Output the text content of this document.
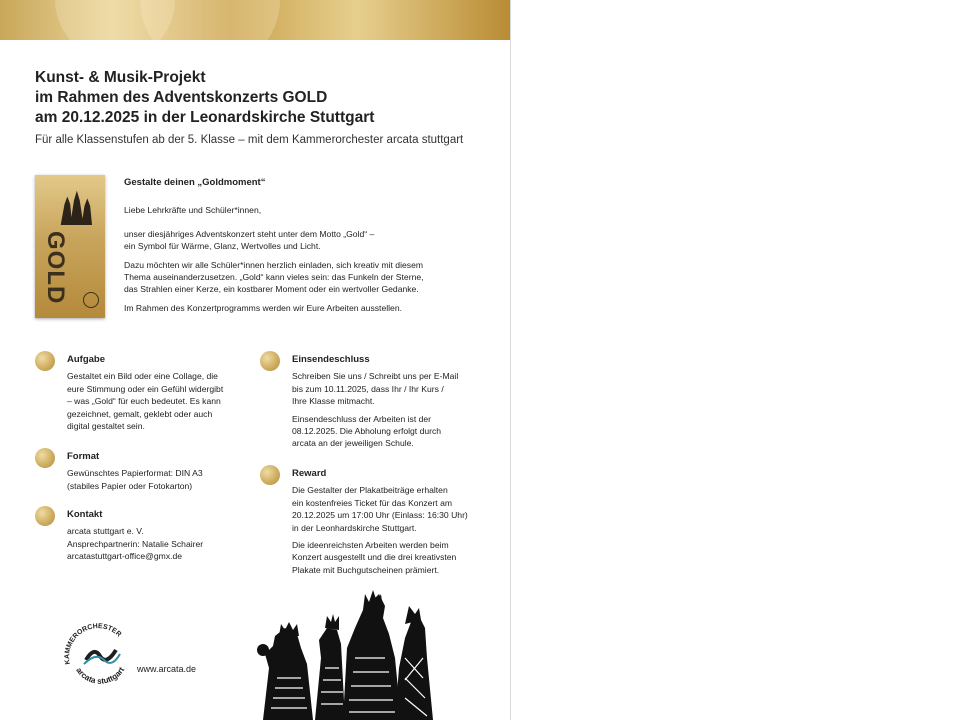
Kunst- & Musik-Projekt
im Rahmen des Adventskonzerts GOLD
am 20.12.2025 in der Leonardskirche Stuttgart
Für alle Klassenstufen ab der 5. Klasse – mit dem Kammerorchester arcata stuttgart
GOLD
Gestalte deinen „Goldmoment“

Liebe Lehrkräfte und Schüler*innen,

unser diesjähriges Adventskonzert steht unter dem Motto „Gold“ –
ein Symbol für Wärme, Glanz, Wertvolles und Licht.

Dazu möchten wir alle Schüler*innen herzlich einladen, sich kreativ mit diesem
Thema auseinanderzusetzen. „Gold“ kann vieles sein: das Funkeln der Sterne,
das Strahlen einer Kerze, ein kostbarer Moment oder ein wertvoller Gedanke.

Im Rahmen des Konzertprogramms werden wir Eure Arbeiten ausstellen.

Aufgabe

Gestaltet ein Bild oder eine Collage, die
eure Stimmung oder ein Gefühl widergibt
– was „Gold“ für euch bedeutet. Es kann
gezeichnet, gemalt, geklebt oder auch
digital gestaltet sein.

Format

Gewünschtes Papierformat: DIN A3
(stabiles Papier oder Fotokarton)

Kontakt

arcata stuttgart e. V.
Ansprechpartnerin: Natalie Schairer
arcatastuttgart-office@gmx.de

Einsendeschluss

Schreiben Sie uns / Schreibt uns per E-Mail
bis zum 10.11.2025, dass Ihr / Ihr Kurs /
Ihre Klasse mitmacht.

Einsendeschluss der Arbeiten ist der
08.12.2025. Die Abholung erfolgt durch
arcata an der jeweiligen Schule.

Reward

Die Gestalter der Plakatbeiträge erhalten
ein kostenfreies Ticket für das Konzert am
20.12.2025 um 17:00 Uhr (Einlass: 16:30 Uhr)
in der Leonhardskirche Stuttgart.

Die ideenreichsten Arbeiten werden beim
Konzert ausgestellt und die drei kreativsten
Plakate mit Buchgutscheinen prämiert.

KAMMERORCHESTER
arcata stuttgart www.arcata.de
